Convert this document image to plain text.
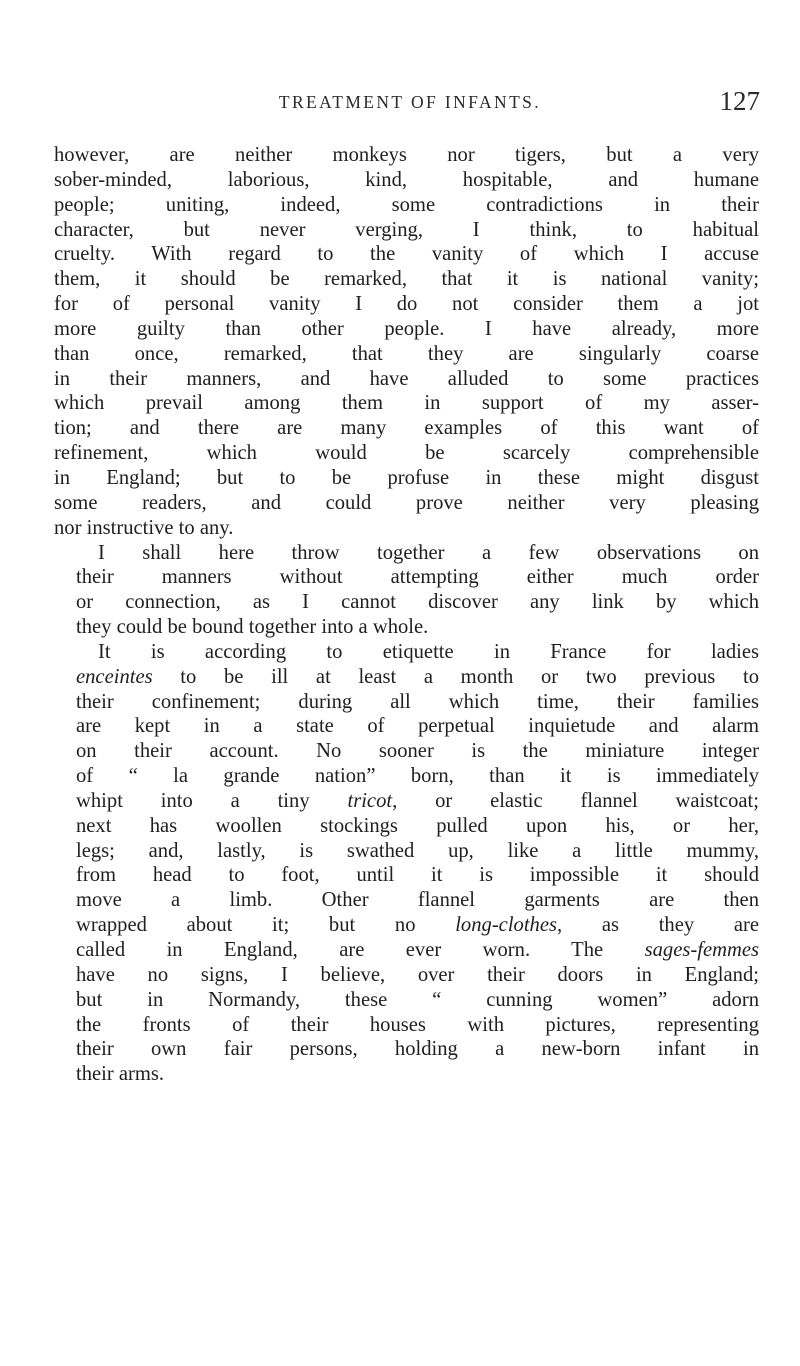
TREATMENT OF INFANTS.	127

however, are neither monkeys nor tigers, but a very
sober-minded, laborious, kind, hospitable, and humane
people; uniting, indeed, some contradictions in their
character, but never verging, I think, to habitual
cruelty. With regard to the vanity of which I accuse
them, it should be remarked, that it is national vanity;
for of personal vanity I do not consider them a jot
more guilty than other people. I have already, more
than once, remarked, that they are singularly coarse
in their manners, and have alluded to some practices
which prevail among them in support of my asser-
tion; and there are many examples of this want of
refinement, which would be scarcely comprehensible
in England; but to be profuse in these might disgust
some readers, and could prove neither very pleasing
nor instructive to any.

I shall here throw together a few observations on
their manners without attempting either much order
or connection, as I cannot discover any link by which
they could be bound together into a whole.

It is according to etiquette in France for ladies
enceintes to be ill at least a month or two previous to
their confinement; during all which time, their families
are kept in a state of perpetual inquietude and alarm
on their account. No sooner is the miniature integer
of “ la grande nation” born, than it is immediately
whipt into a tiny tricot, or elastic flannel waistcoat;
next has woollen stockings pulled upon his, or her,
legs; and, lastly, is swathed up, like a little mummy,
from head to foot, until it is impossible it should
move a limb. Other flannel garments are then
wrapped about it; but no long-clothes, as they are
called in England, are ever worn. The sages-femmes
have no signs, I believe, over their doors in England;
but in Normandy, these “ cunning women” adorn
the fronts of their houses with pictures, representing
their own fair persons, holding a new-born infant in
their arms.
